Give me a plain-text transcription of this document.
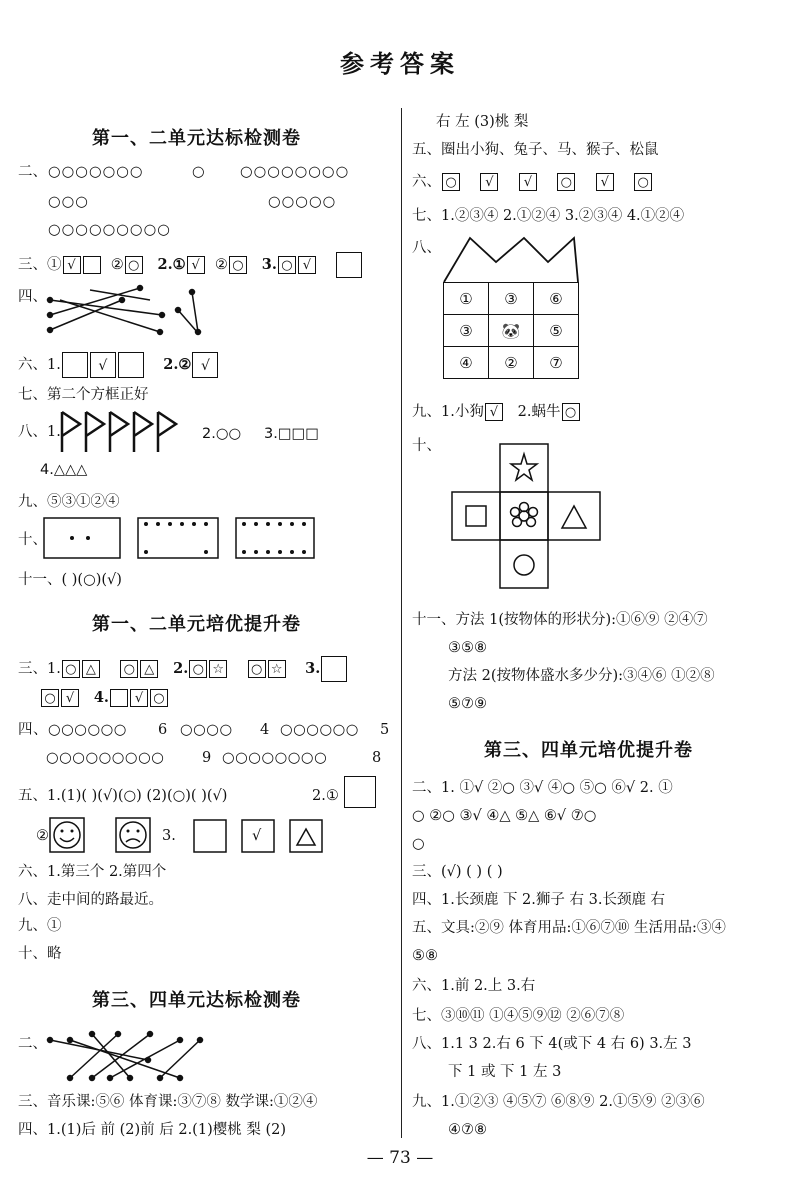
参考答案
第一、二单元达标检测卷
二、 ○○○○○○○	○ ○○○○○○○○
○○○	○○○○○
○○○○○○○○○
三、① √ ② ○ 2.① √ ② ○ 3. ○ √
四、
六、1.	√	2.② √
七、第二个方框正好
八、1.	2.○○ 3.□□□
4.△△△
九、⑤③①②④
十、
十一、( )(○)(√)
第一、二单元培优提升卷
三、1. ○ △ ○ △ 2. ○ ☆ ○ ☆ 3.
○ √ 4. √ ○
四、○○○○○○ 6 ○○○○ 4 ○○○○○○ 5
○○○○○○○○○	9 ○○○○○○○○	8
五、1.(1)( )(√)(○) (2)(○)( )(√)	2.①
②	3.	√
六、1.第三个 2.第四个
八、走中间的路最近。
九、①
十、略
第三、四单元达标检测卷
二、
三、音乐课:⑤⑥ 体育课:③⑦⑧ 数学课:①②④
四、1.(1)后 前 (2)前 后 2.(1)樱桃 梨 (2)
右 左 (3)桃 梨
五、圈出小狗、兔子、马、猴子、松鼠
六、 ○ √ √ ○ √ ○
七、1.②③④ 2.①②④ 3.②③④ 4.①②④
八、
①	③	⑥
③	🐼	⑤
④	②	⑦
九、1.小狗 √ 2.蜗牛 ○
十、
十一、方法 1(按物体的形状分):①⑥⑨ ②④⑦
③⑤⑧
方法 2(按物体盛水多少分):③④⑥ ①②⑧
⑤⑦⑨
第三、四单元培优提升卷
二、1. ①√ ②○ ③√ ④○ ⑤○ ⑥√ 2. ①
○ ②○ ③√ ④△ ⑤△ ⑥√ ⑦○
○
三、(√) ( ) ( )
四、1.长颈鹿 下 2.狮子 右 3.长颈鹿 右
五、文具:②⑨ 体育用品:①⑥⑦⑩ 生活用品:③④
⑤⑧
六、1.前 2.上 3.右
七、③⑩⑪ ①④⑤⑨⑫ ②⑥⑦⑧
八、1.1 3 2.右 6 下 4(或下 4 右 6) 3.左 3
下 1 或 下 1 左 3
九、1.①②③ ④⑤⑦ ⑥⑧⑨ 2.①⑤⑨ ②③⑥
④⑦⑧
— 73 —
